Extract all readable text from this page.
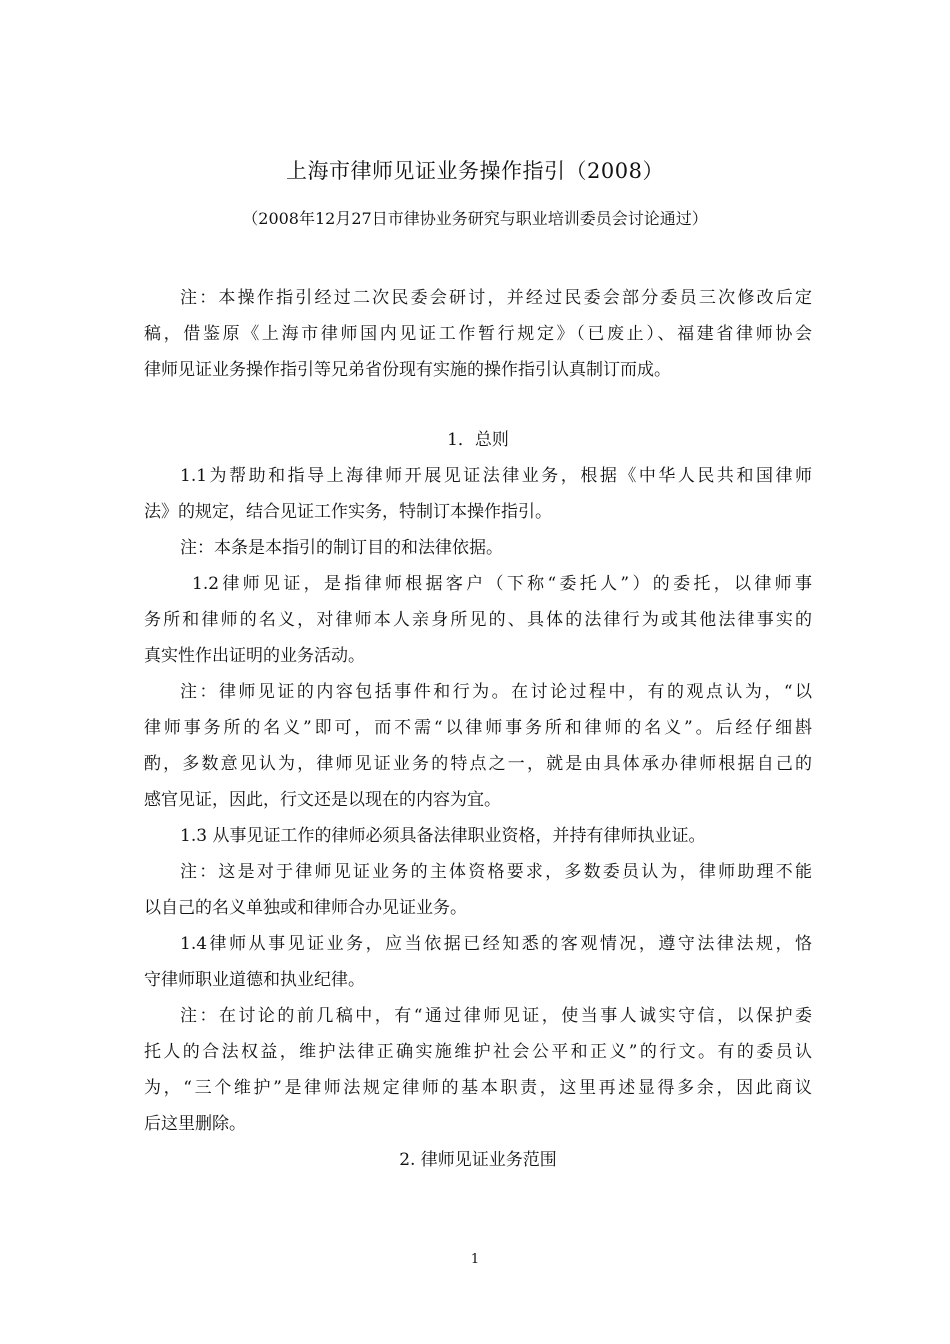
上海市律师见证业务操作指引（2008）
（2008年12月27日市律协业务研究与职业培训委员会讨论通过）
注：本操作指引经过二次民委会研讨，并经过民委会部分委员三次修改后定
稿，借鉴原《上海市律师国内见证工作暂行规定》（已废止）、福建省律师协会
律师见证业务操作指引等兄弟省份现有实施的操作指引认真制订而成。
1．总则
1.1为帮助和指导上海律师开展见证法律业务，根据《中华人民共和国律师
法》的规定，结合见证工作实务，特制订本操作指引。
注：本条是本指引的制订目的和法律依据。
1.2律师见证，是指律师根据客户（下称“委托人”）的委托，以律师事
务所和律师的名义，对律师本人亲身所见的、具体的法律行为或其他法律事实的
真实性作出证明的业务活动。
注：律师见证的内容包括事件和行为。在讨论过程中，有的观点认为，“以
律师事务所的名义”即可，而不需“以律师事务所和律师的名义”。后经仔细斟
酌，多数意见认为，律师见证业务的特点之一，就是由具体承办律师根据自己的
感官见证，因此，行文还是以现在的内容为宜。
1.3 从事见证工作的律师必须具备法律职业资格，并持有律师执业证。
注：这是对于律师见证业务的主体资格要求，多数委员认为，律师助理不能
以自己的名义单独或和律师合办见证业务。
1.4律师从事见证业务，应当依据已经知悉的客观情况，遵守法律法规，恪
守律师职业道德和执业纪律。
注：在讨论的前几稿中，有“通过律师见证，使当事人诚实守信，以保护委
托人的合法权益，维护法律正确实施维护社会公平和正义”的行文。有的委员认
为，“三个维护”是律师法规定律师的基本职责，这里再述显得多余，因此商议
后这里删除。
2. 律师见证业务范围
1
